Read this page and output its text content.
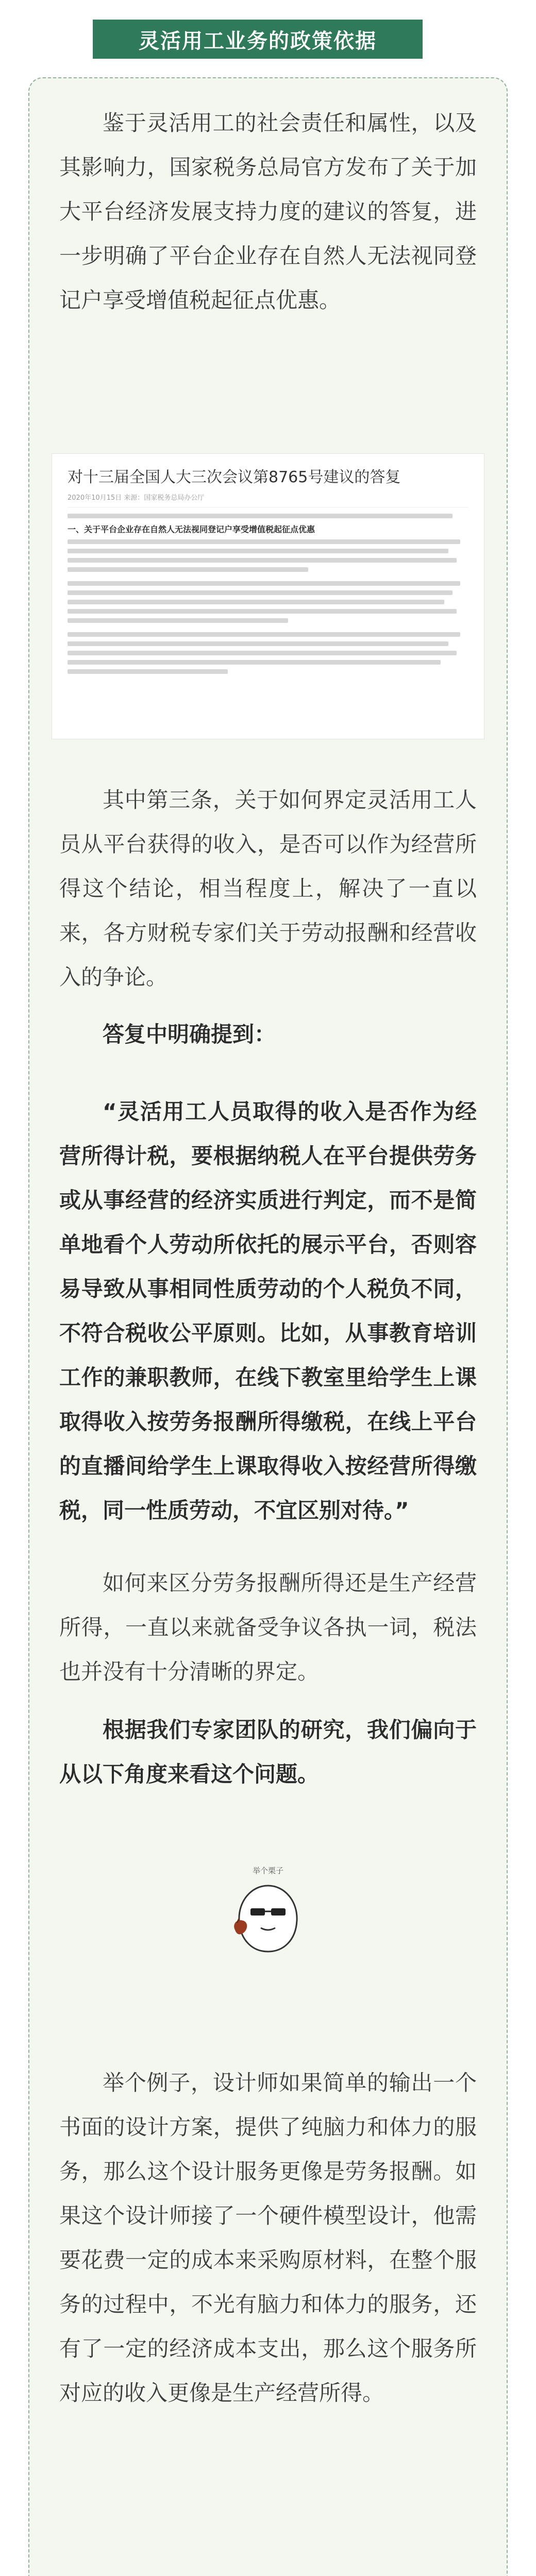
灵活用工业务的政策依据

鉴于灵活用工的社会责任和属性，以及其影响力，国家税务总局官方发布了关于加大平台经济发展支持力度的建议的答复，进一步明确了平台企业存在自然人无法视同登记户享受增值税起征点优惠。

对十三届全国人大三次会议第8765号建议的答复
2020年10月15日 来源：国家税务总局办公厅
一、关于平台企业存在自然人无法视同登记户享受增值税起征点优惠

其中第三条，关于如何界定灵活用工人员从平台获得的收入，是否可以作为经营所得这个结论，相当程度上，解决了一直以来，各方财税专家们关于劳动报酬和经营收入的争论。

答复中明确提到：

“灵活用工人员取得的收入是否作为经营所得计税，要根据纳税人在平台提供劳务或从事经营的经济实质进行判定，而不是简单地看个人劳动所依托的展示平台，否则容易导致从事相同性质劳动的个人税负不同，不符合税收公平原则。比如，从事教育培训工作的兼职教师，在线下教室里给学生上课取得收入按劳务报酬所得缴税，在线上平台的直播间给学生上课取得收入按经营所得缴税，同一性质劳动，不宜区别对待。”

如何来区分劳务报酬所得还是生产经营所得，一直以来就备受争议各执一词，税法也并没有十分清晰的界定。

根据我们专家团队的研究，我们偏向于从以下角度来看这个问题。

举个栗子

举个例子，设计师如果简单的输出一个书面的设计方案，提供了纯脑力和体力的服务，那么这个设计服务更像是劳务报酬。如果这个设计师接了一个硬件模型设计，他需要花费一定的成本来采购原材料，在整个服务的过程中，不光有脑力和体力的服务，还有了一定的经济成本支出，那么这个服务所对应的收入更像是生产经营所得。
